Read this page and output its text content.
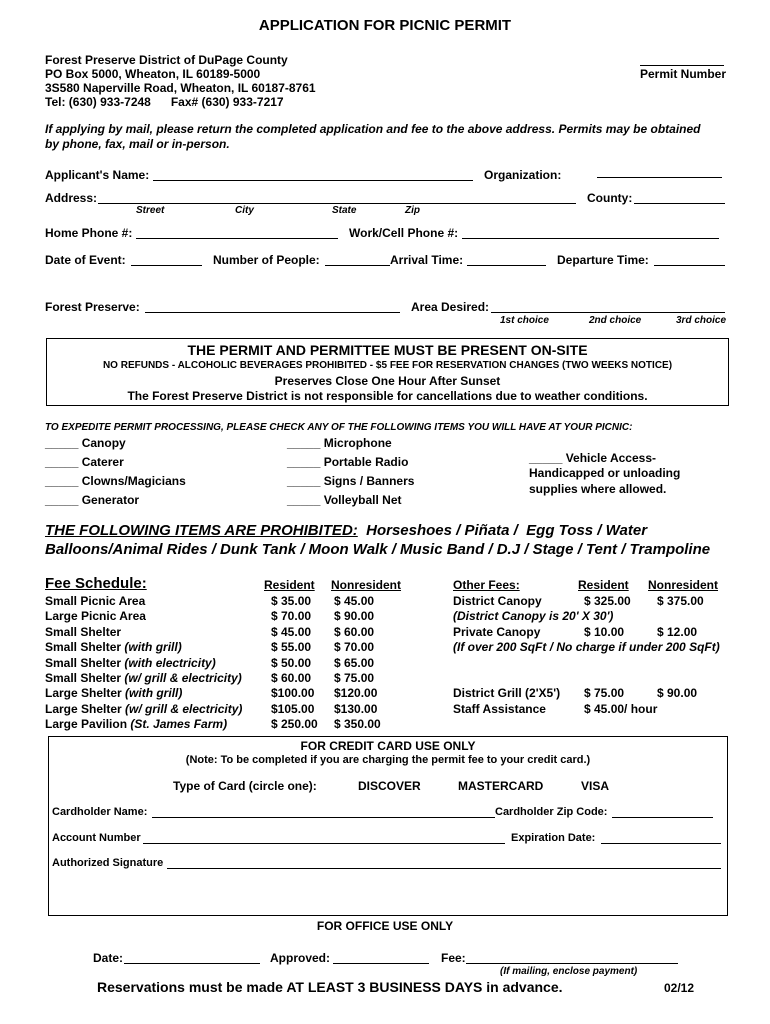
APPLICATION FOR PICNIC PERMIT
Forest Preserve District of DuPage County
PO Box 5000, Wheaton, IL 60189-5000
3S580 Naperville Road, Wheaton, IL 60187-8761
Tel: (630) 933-7248      Fax# (630) 933-7217
Permit Number
If applying by mail, please return the completed application and fee to the above address. Permits may be obtained
by phone, fax, mail or in-person.
Applicant's Name:	Organization:
Address:	County:
Street	City	State	Zip
Home Phone #:	Work/Cell Phone #:
Date of Event:	Number of People:	Arrival Time:	Departure Time:
Forest Preserve:	Area Desired:
1st choice	2nd choice	3rd choice
THE PERMIT AND PERMITTEE MUST BE PRESENT ON-SITE
NO REFUNDS - ALCOHOLIC BEVERAGES PROHIBITED - $5 FEE FOR RESERVATION CHANGES (TWO WEEKS NOTICE)
Preserves Close One Hour After Sunset
The Forest Preserve District is not responsible for cancellations due to weather conditions.
TO EXPEDITE PERMIT PROCESSING, PLEASE CHECK ANY OF THE FOLLOWING ITEMS YOU WILL HAVE AT YOUR PICNIC:
_____ Canopy
_____ Caterer
_____ Clowns/Magicians
_____ Generator
_____ Microphone
_____ Portable Radio
_____ Signs / Banners
_____ Volleyball Net
_____ Vehicle Access-
Handicapped or unloading
supplies where allowed.
THE FOLLOWING ITEMS ARE PROHIBITED:  Horseshoes / Piñata /  Egg Toss / Water
Balloons/Animal Rides / Dunk Tank / Moon Walk / Music Band / D.J / Stage / Tent / Trampoline
Fee Schedule:	Resident Nonresident
Small Picnic Area	$ 35.00 $ 45.00
Large Picnic Area	$ 70.00 $ 90.00
Small Shelter	$ 45.00 $ 60.00
Small Shelter (with grill)	$ 55.00 $ 70.00
Small Shelter (with electricity)	$ 50.00 $ 65.00
Small Shelter (w/ grill & electricity) $ 60.00 $ 75.00
Large Shelter (with grill)	$100.00 $120.00
Large Shelter (w/ grill & electricity) $105.00 $130.00
Large Pavilion (St. James Farm)	$ 250.00 $ 350.00
Other Fees:	Resident Nonresident
District Canopy	$ 325.00 $ 375.00
(District Canopy is 20' X 30')
Private Canopy	$ 10.00	$ 12.00
(If over 200 SqFt / No charge if under 200 SqFt)
District Grill (2'X5') $ 75.00	$ 90.00
Staff Assistance	$ 45.00/ hour
FOR CREDIT CARD USE ONLY
(Note: To be completed if you are charging the permit fee to your credit card.)
Type of Card (circle one):	DISCOVER	MASTERCARD	VISA
Cardholder Name:	Cardholder Zip Code:
Account Number	Expiration Date:
Authorized Signature
FOR OFFICE USE ONLY
Date:	Approved:	Fee:
(If mailing, enclose payment)
Reservations must be made AT LEAST 3 BUSINESS DAYS in advance.	02/12
